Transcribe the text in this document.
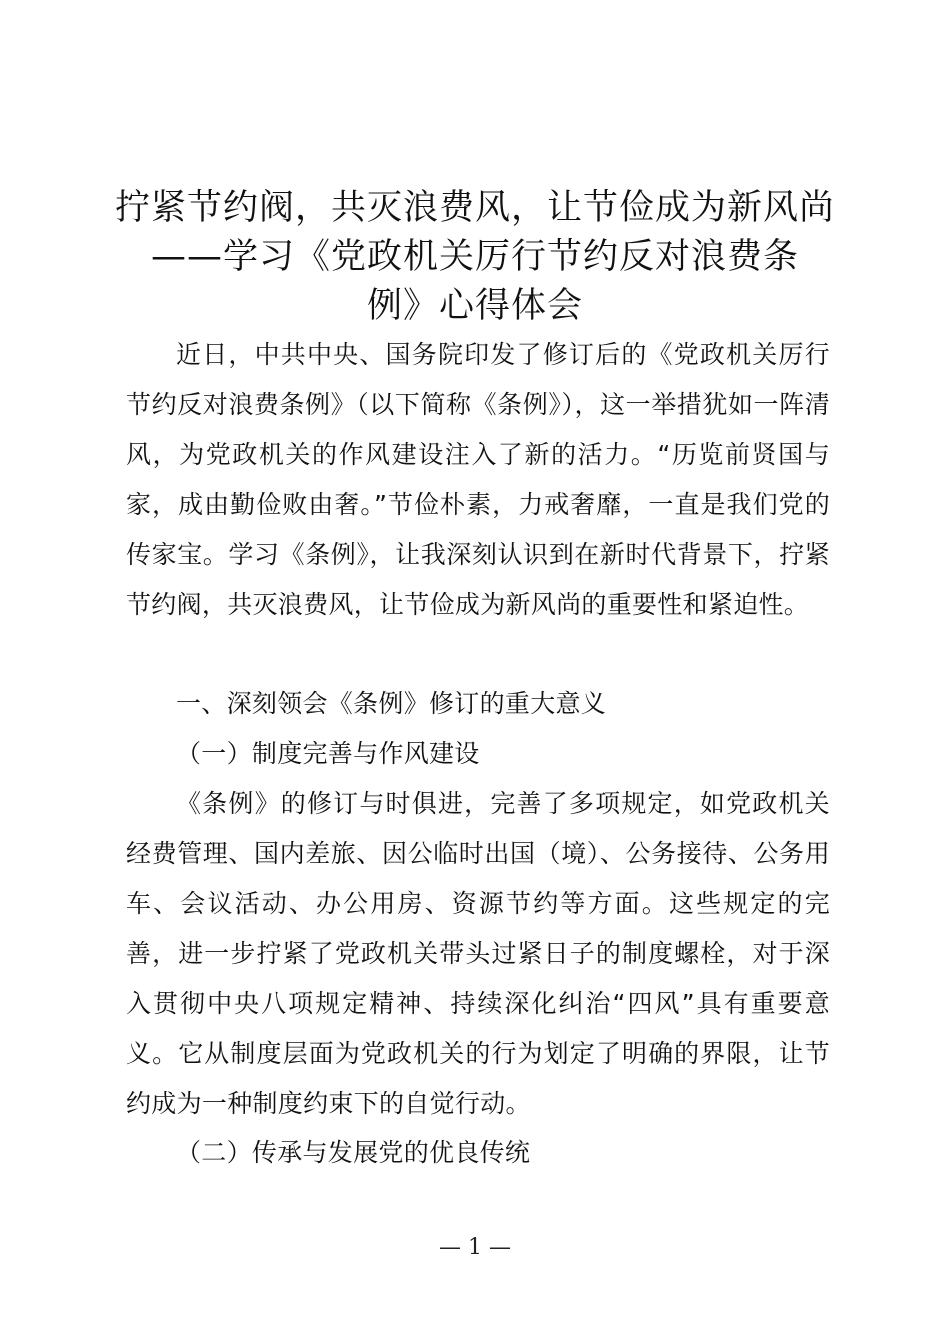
拧紧节约阀，共灭浪费风，让节俭成为新风尚
——学习《党政机关厉行节约反对浪费条
例》心得体会
近日，中共中央、国务院印发了修订后的《党政机关厉行节约反对浪费条例》（以下简称《条例》），这一举措犹如一阵清风，为党政机关的作风建设注入了新的活力。“历览前贤国与家，成由勤俭败由奢。”节俭朴素，力戒奢靡，一直是我们党的传家宝。学习《条例》，让我深刻认识到在新时代背景下，拧紧节约阀，共灭浪费风，让节俭成为新风尚的重要性和紧迫性。
一、深刻领会《条例》修订的重大意义
（一）制度完善与作风建设
《条例》的修订与时俱进，完善了多项规定，如党政机关经费管理、国内差旅、因公临时出国（境）、公务接待、公务用车、会议活动、办公用房、资源节约等方面。这些规定的完善，进一步拧紧了党政机关带头过紧日子的制度螺栓，对于深入贯彻中央八项规定精神、持续深化纠治“四风”具有重要意义。它从制度层面为党政机关的行为划定了明确的界限，让节约成为一种制度约束下的自觉行动。
（二）传承与发展党的优良传统
— 1 —
